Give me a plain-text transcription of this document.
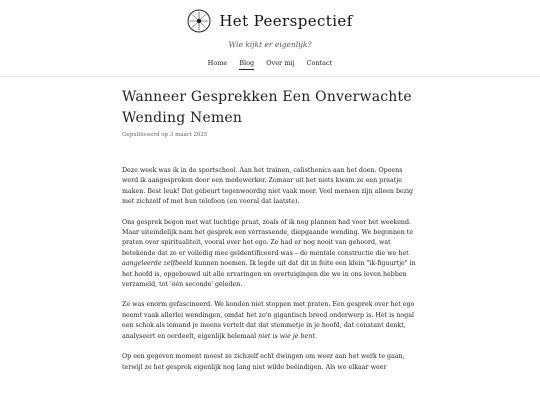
Het Peerspectief
Wie kijkt er eigenlijk?
Home Blog Over mij Contact
Wanneer Gesprekken Een Onverwachte Wending Nemen
Gepubliceerd op 3 maart 2025

Deze week was ik in de sportschool. Aan het trainen, calisthenics aan het doen. Opeens werd ik aangesproken door een medewerker. Zomaar uit het niets kwam ze een praatje maken. Best leuk! Dat gebeurt tegenwoordig niet vaak meer. Veel mensen zijn alleen bezig met zichzelf of met hun telefoon (en vooral dat laatste).

Ons gesprek begon met wat luchtige praat, zoals of ik nog plannen had voor het weekend. Maar uiteindelijk nam het gesprek een verrassende, diepgaande wending. We begonnen te praten over spiritualiteit, vooral over het ego. Ze had er nog nooit van gehoord, wat betekende dat ze er volledig mee geïdentificeerd was – de mentale constructie die we het aangeleerde zelfbeeld kunnen noemen. Ik legde uit dat dit in feite een klein "ik-figuurtje" in het hoofd is, opgebouwd uit alle ervaringen en overtuigingen die we in ons leven hebben verzameld, tot 'één seconde' geleden.

Ze was enorm gefascineerd. We konden niet stoppen met praten. Een gesprek over het ego neemt vaak allerlei wendingen, omdat het zo'n gigantisch breed onderwerp is. Het is nogal een schok als iemand je ineens vertelt dat dat stemmetje in je hoofd, dat constant denkt, analyseert en oordeelt, eigenlijk helemaal niet is wie je bent.

Op een gegeven moment moest ze zichzelf echt dwingen om weer aan het werk te gaan, terwijl ze het gesprek eigenlijk nog lang niet wilde beëindigen. Als we elkaar weer
